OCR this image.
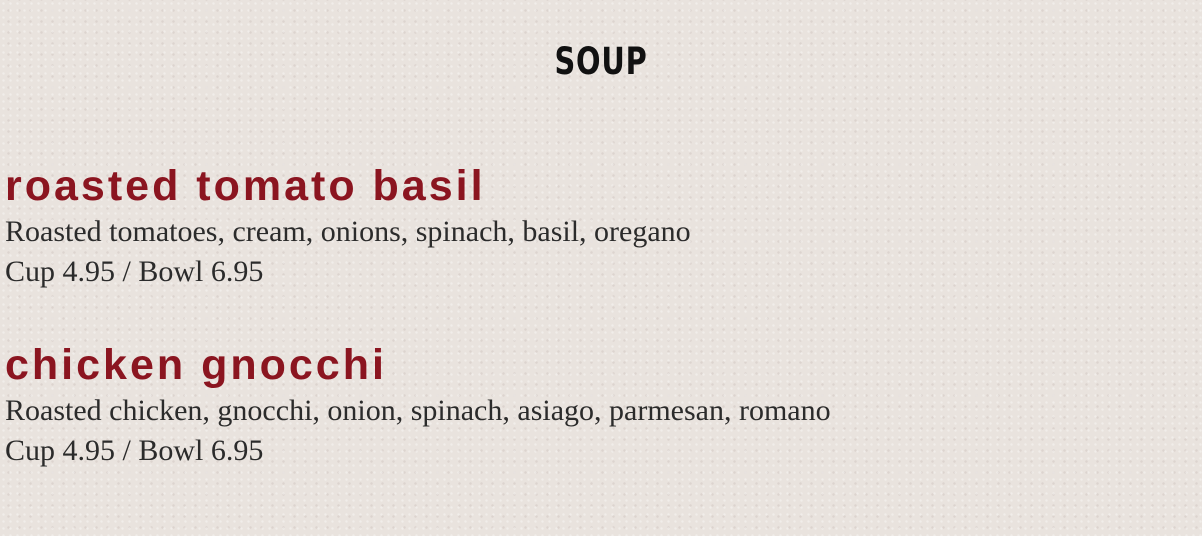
SOUP
roasted tomato basil

Roasted tomatoes, cream, onions, spinach, basil, oregano

Cup 4.95 / Bowl 6.95

chicken gnocchi

Roasted chicken, gnocchi, onion, spinach, asiago, parmesan, romano

Cup 4.95 / Bowl 6.95
